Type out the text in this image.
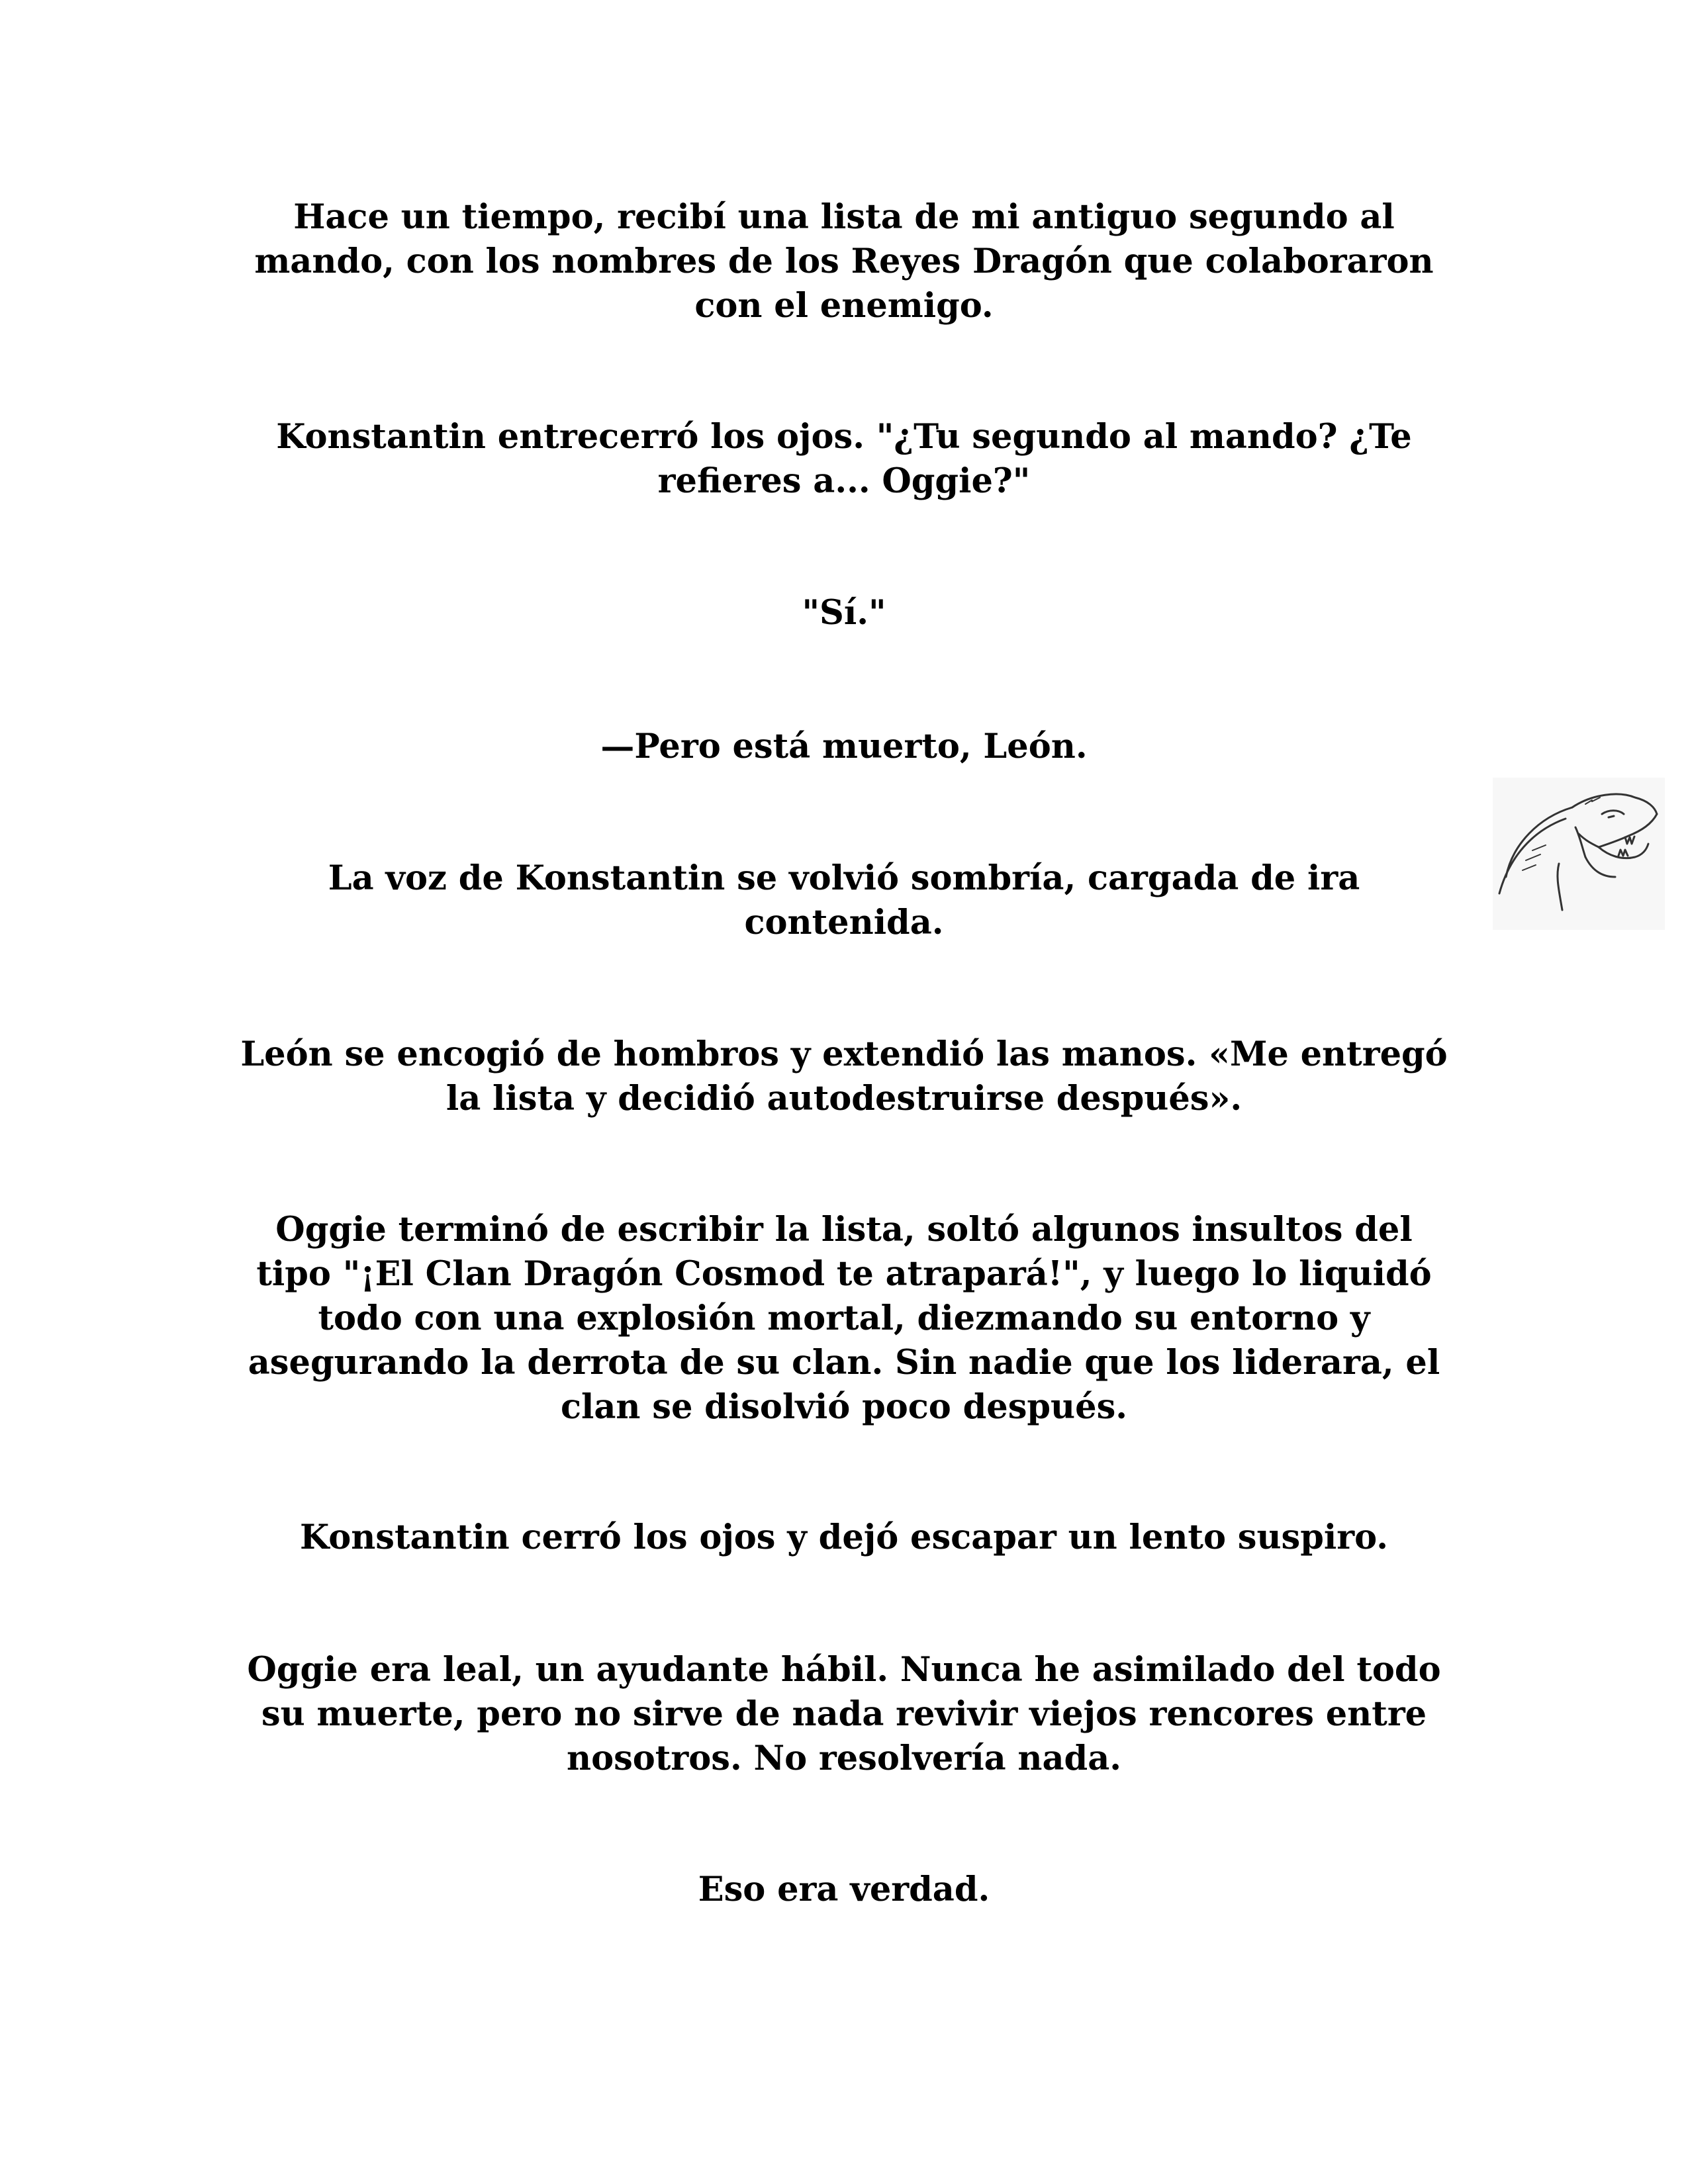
Hace un tiempo, recibí una lista de mi antiguo segundo al
mando, con los nombres de los Reyes Dragón que colaboraron
con el enemigo.

Konstantin entrecerró los ojos. "¿Tu segundo al mando? ¿Te
refieres a... Oggie?"

"Sí."

—Pero está muerto, León.

La voz de Konstantin se volvió sombría, cargada de ira
contenida.

León se encogió de hombros y extendió las manos. «Me entregó
la lista y decidió autodestruirse después».

Oggie terminó de escribir la lista, soltó algunos insultos del
tipo "¡El Clan Dragón Cosmod te atrapará!", y luego lo liquidó
todo con una explosión mortal, diezmando su entorno y
asegurando la derrota de su clan. Sin nadie que los liderara, el
clan se disolvió poco después.

Konstantin cerró los ojos y dejó escapar un lento suspiro.

Oggie era leal, un ayudante hábil. Nunca he asimilado del todo
su muerte, pero no sirve de nada revivir viejos rencores entre
nosotros. No resolvería nada.

Eso era verdad.
